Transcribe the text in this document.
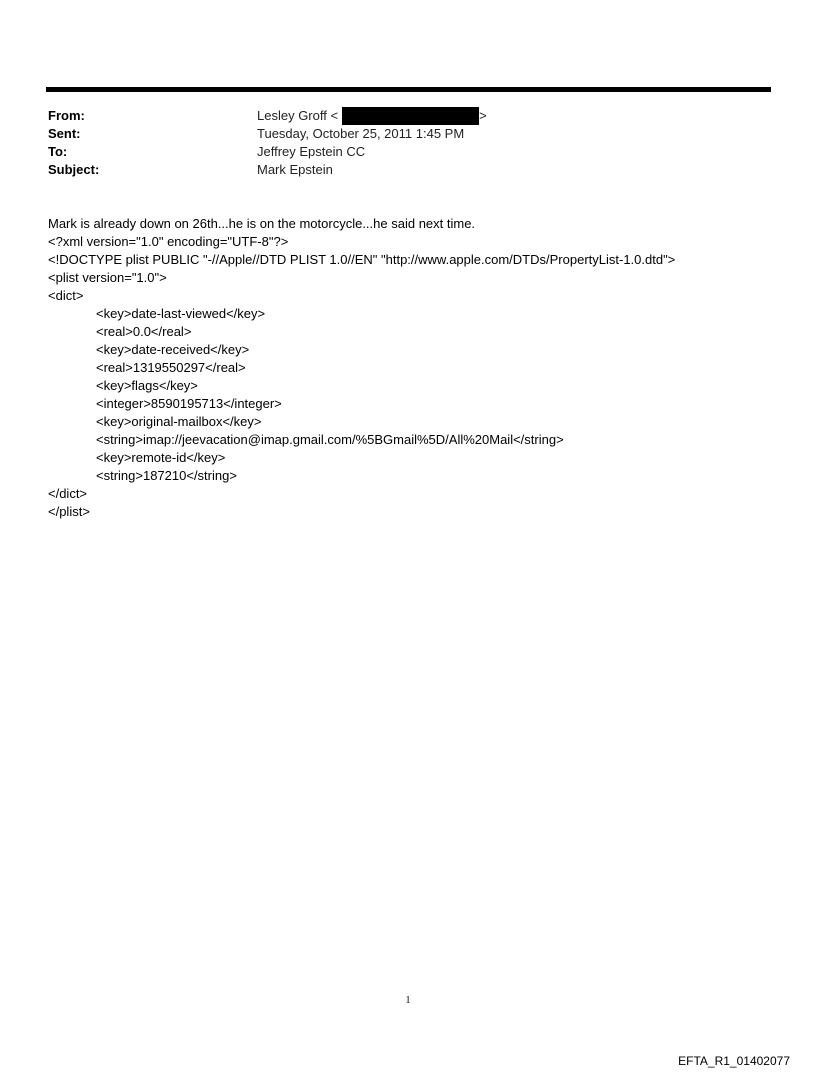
From:	Lesley Groff <	>
Sent:	Tuesday, October 25, 2011 1:45 PM
To:	Jeffrey Epstein CC
Subject:	Mark Epstein
Mark is already down on 26th...he is on the motorcycle...he said next time.
<?xml version="1.0" encoding="UTF-8"?>
<!DOCTYPE plist PUBLIC "-//Apple//DTD PLIST 1.0//EN" "http://www.apple.com/DTDs/PropertyList-1.0.dtd">
<plist version="1.0">
<dict>
<key>date-last-viewed</key>
<real>0.0</real>
<key>date-received</key>
<real>1319550297</real>
<key>flags</key>
<integer>8590195713</integer>
<key>original-mailbox</key>
<string>imap://jeevacation@imap.gmail.com/%5BGmail%5D/All%20Mail</string>
<key>remote-id</key>
<string>187210</string>
</dict>
</plist>
1
EFTA_R1_01402077
